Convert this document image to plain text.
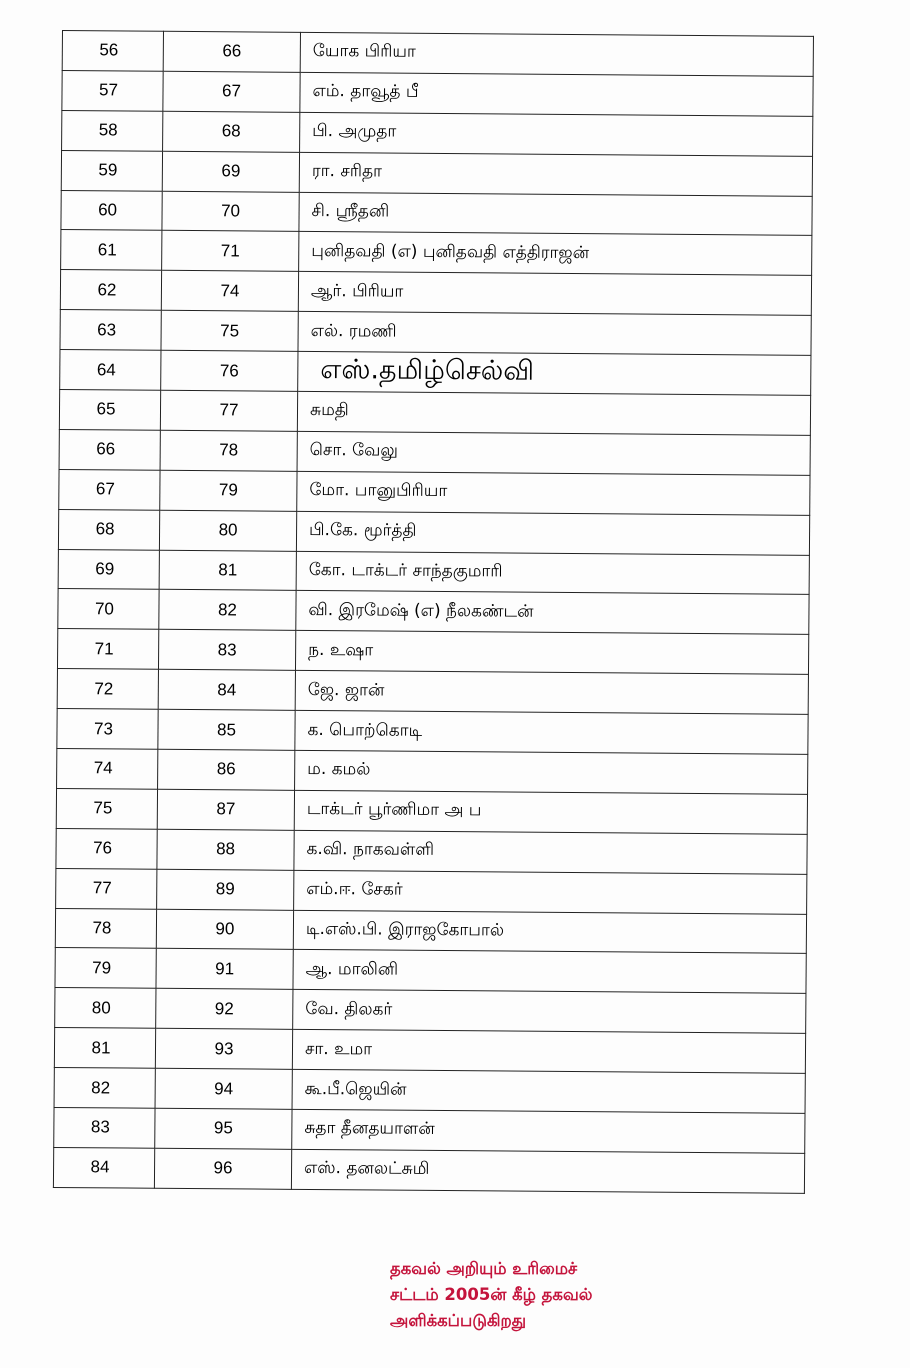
56	66	யோக பிரியா
57	67	எம். தாவூத் பீ
58	68	பி. அமுதா
59	69	ரா. சரிதா
60	70	சி. ஸ்ரீதனி
61	71	புனிதவதி (எ) புனிதவதி எத்திராஜன்
62	74	ஆர். பிரியா
63	75	எல். ரமணி
64	76	எஸ்.தமிழ்செல்வி
65	77	சுமதி
66	78	சொ. வேலு
67	79	மோ. பானுபிரியா
68	80	பி.கே. மூர்த்தி
69	81	கோ. டாக்டர் சாந்தகுமாரி
70	82	வி. இரமேஷ் (எ) நீலகண்டன்
71	83	ந. உஷா
72	84	ஜே. ஜான்
73	85	க. பொற்கொடி
74	86	ம. கமல்
75	87	டாக்டர் பூர்ணிமா அ ப
76	88	க.வி. நாகவள்ளி
77	89	எம்.ஈ. சேகர்
78	90	டி.எஸ்.பி. இராஜகோபால்
79	91	ஆ. மாலினி
80	92	வே. திலகர்
81	93	சா. உமா
82	94	கூ.பீ.ஜெயின்
83	95	சுதா தீனதயாளன்
84	96	எஸ். தனலட்சுமி
தகவல் அறியும் உரிமைச்
சட்டம் 2005ன் கீழ் தகவல்
அளிக்கப்படுகிறது
